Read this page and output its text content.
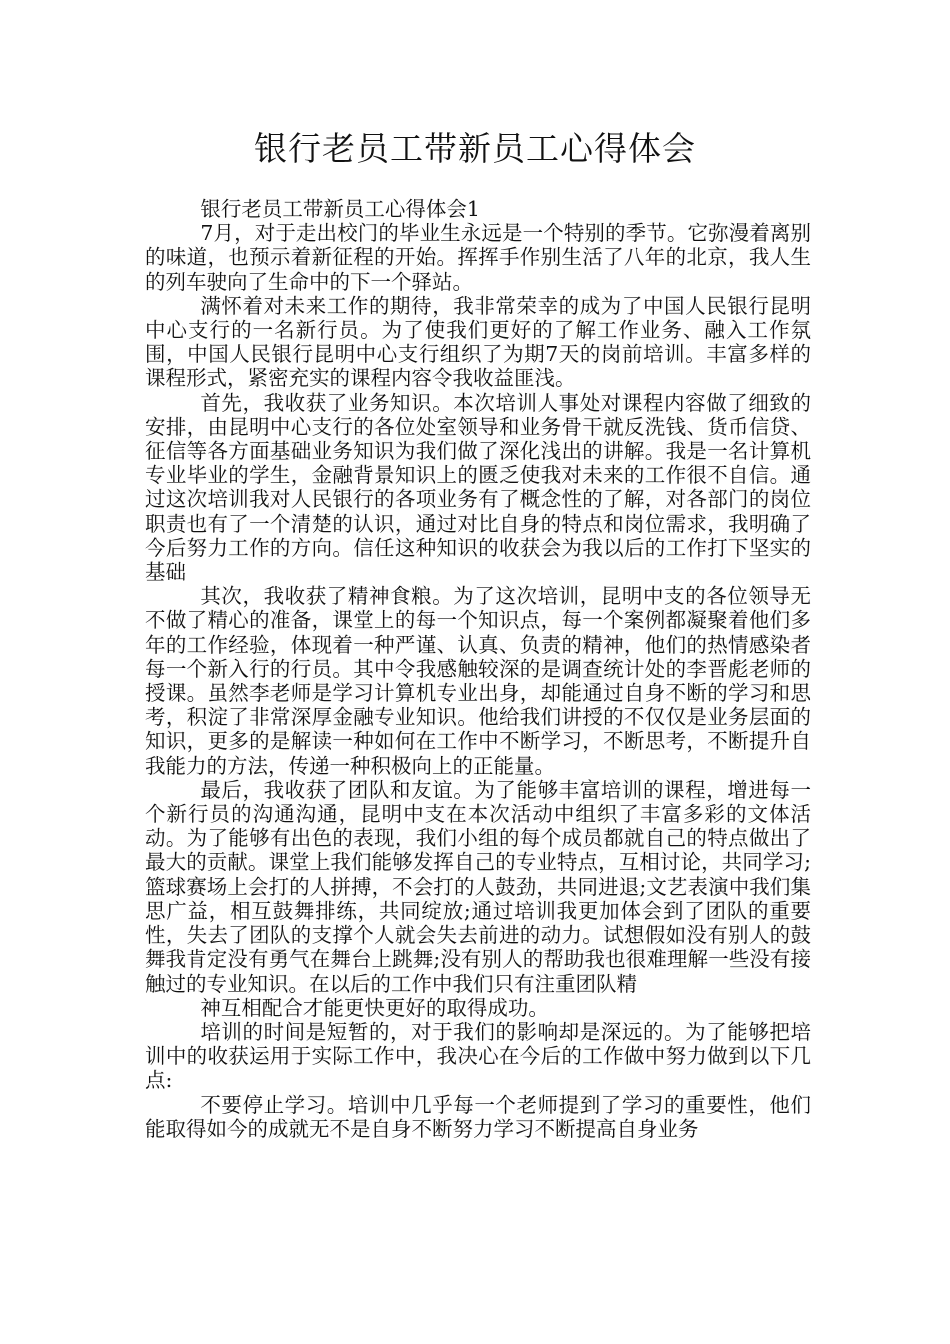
银行老员工带新员工心得体会

银行老员工带新员工心得体会1

7月，对于走出校门的毕业生永远是一个特别的季节。它弥漫着离别的味道，也预示着新征程的开始。挥挥手作别生活了八年的北京，我人生的列车驶向了生命中的下一个驿站。

满怀着对未来工作的期待，我非常荣幸的成为了中国人民银行昆明中心支行的一名新行员。为了使我们更好的了解工作业务、融入工作氛围，中国人民银行昆明中心支行组织了为期7天的岗前培训。丰富多样的课程形式，紧密充实的课程内容令我收益匪浅。

首先，我收获了业务知识。本次培训人事处对课程内容做了细致的安排，由昆明中心支行的各位处室领导和业务骨干就反洗钱、货币信贷、征信等各方面基础业务知识为我们做了深化浅出的讲解。我是一名计算机专业毕业的学生，金融背景知识上的匮乏使我对未来的工作很不自信。通过这次培训我对人民银行的各项业务有了概念性的了解，对各部门的岗位职责也有了一个清楚的认识，通过对比自身的特点和岗位需求，我明确了今后努力工作的方向。信任这种知识的收获会为我以后的工作打下坚实的基础

其次，我收获了精神食粮。为了这次培训，昆明中支的各位领导无不做了精心的准备，课堂上的每一个知识点，每一个案例都凝聚着他们多年的工作经验，体现着一种严谨、认真、负责的精神，他们的热情感染者每一个新入行的行员。其中令我感触较深的是调查统计处的李晋彪老师的授课。虽然李老师是学习计算机专业出身，却能通过自身不断的学习和思考，积淀了非常深厚金融专业知识。他给我们讲授的不仅仅是业务层面的知识，更多的是解读一种如何在工作中不断学习，不断思考，不断提升自我能力的方法，传递一种积极向上的正能量。

最后，我收获了团队和友谊。为了能够丰富培训的课程，增进每一个新行员的沟通沟通，昆明中支在本次活动中组织了丰富多彩的文体活动。为了能够有出色的表现，我们小组的每个成员都就自己的特点做出了最大的贡献。课堂上我们能够发挥自己的专业特点，互相讨论，共同学习;篮球赛场上会打的人拼搏，不会打的人鼓劲，共同进退;文艺表演中我们集思广益，相互鼓舞排练，共同绽放;通过培训我更加体会到了团队的重要性，失去了团队的支撑个人就会失去前进的动力。试想假如没有别人的鼓舞我肯定没有勇气在舞台上跳舞;没有别人的帮助我也很难理解一些没有接触过的专业知识。在以后的工作中我们只有注重团队精

神互相配合才能更快更好的取得成功。

培训的时间是短暂的，对于我们的影响却是深远的。为了能够把培训中的收获运用于实际工作中，我决心在今后的工作做中努力做到以下几点:

不要停止学习。培训中几乎每一个老师提到了学习的重要性，他们能取得如今的成就无不是自身不断努力学习不断提高自身业务
